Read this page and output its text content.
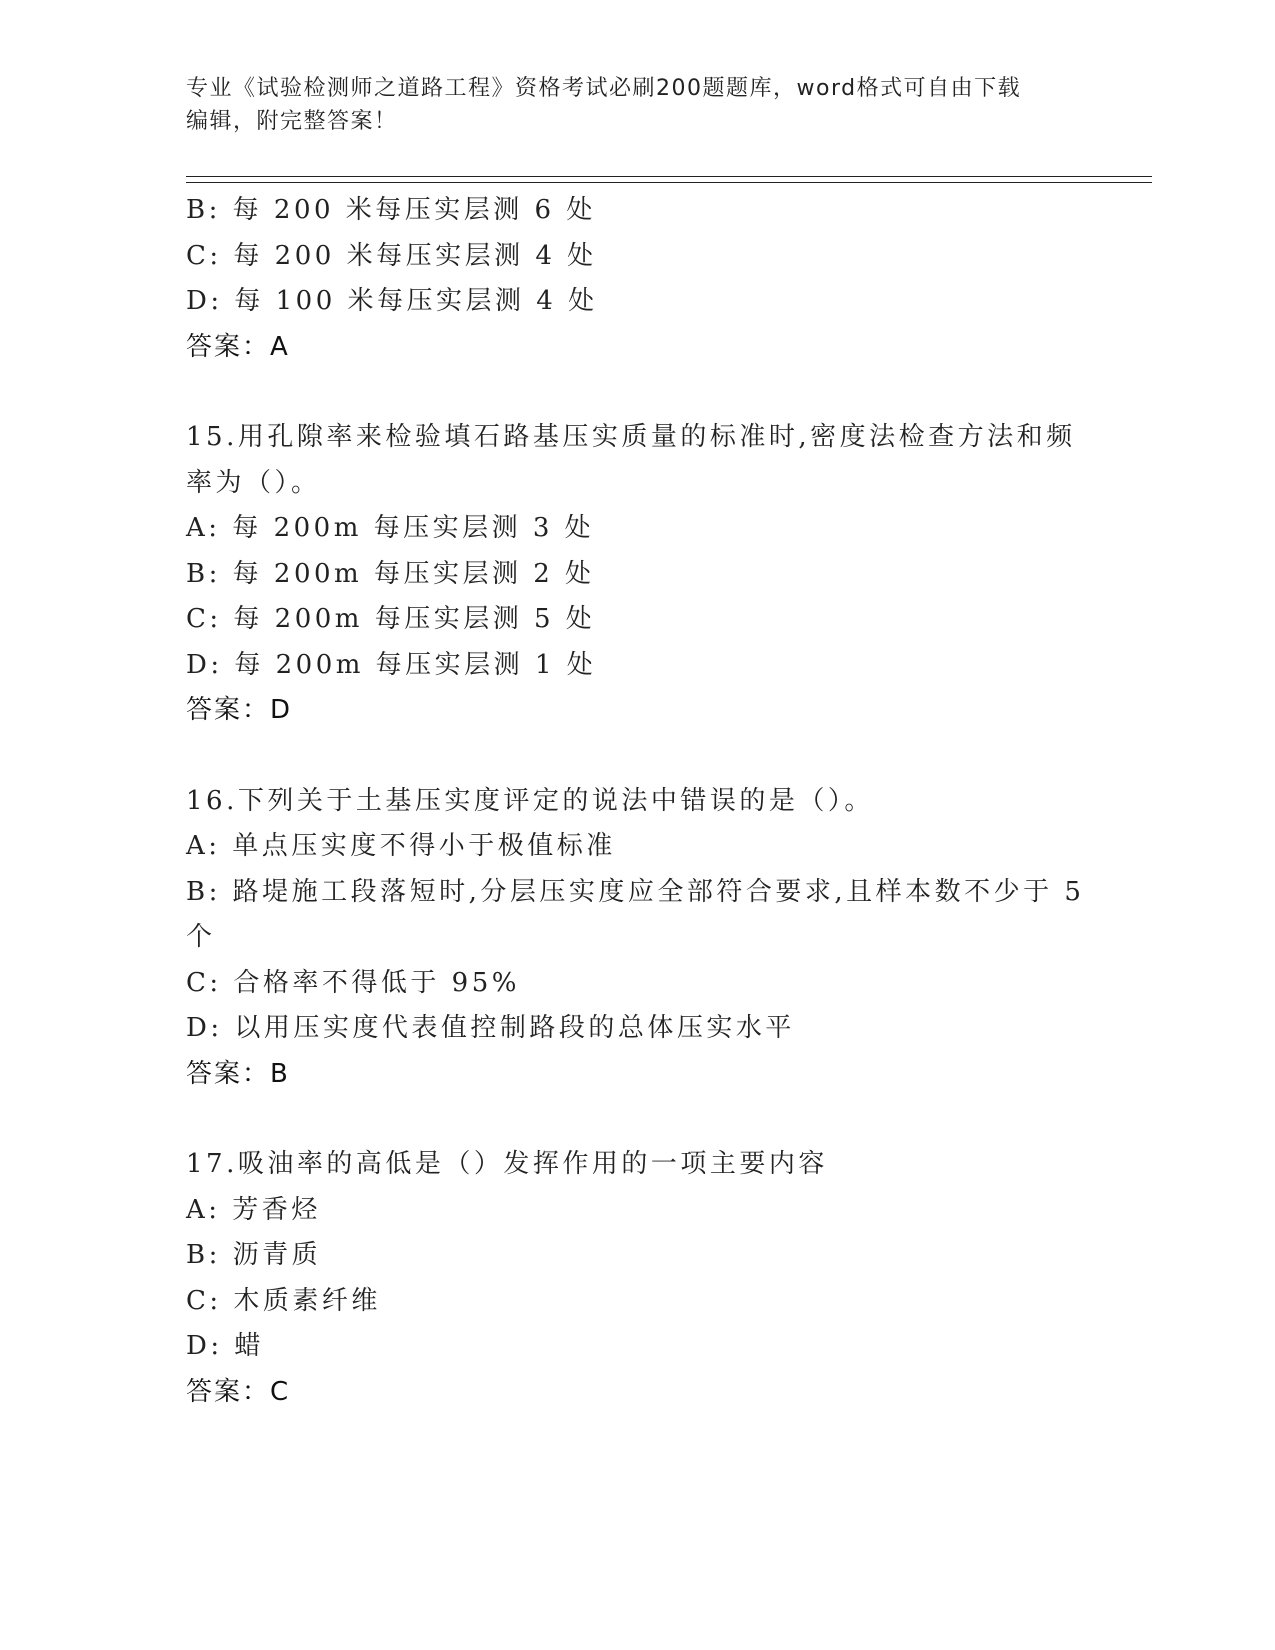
专业《试验检测师之道路工程》资格考试必刷200题题库，word格式可自由下载
编辑，附完整答案！
B: 每 200 米每压实层测 6 处
C: 每 200 米每压实层测 4 处
D: 每 100 米每压实层测 4 处
答案：A
15.用孔隙率来检验填石路基压实质量的标准时,密度法检查方法和频
率为（）。
A: 每 200m 每压实层测 3 处
B: 每 200m 每压实层测 2 处
C: 每 200m 每压实层测 5 处
D: 每 200m 每压实层测 1 处
答案：D
16.下列关于土基压实度评定的说法中错误的是（）。
A: 单点压实度不得小于极值标准
B: 路堤施工段落短时,分层压实度应全部符合要求,且样本数不少于 5
个
C: 合格率不得低于 95%
D: 以用压实度代表值控制路段的总体压实水平
答案：B
17.吸油率的高低是（）发挥作用的一项主要内容
A: 芳香烃
B: 沥青质
C: 木质素纤维
D: 蜡
答案：C
